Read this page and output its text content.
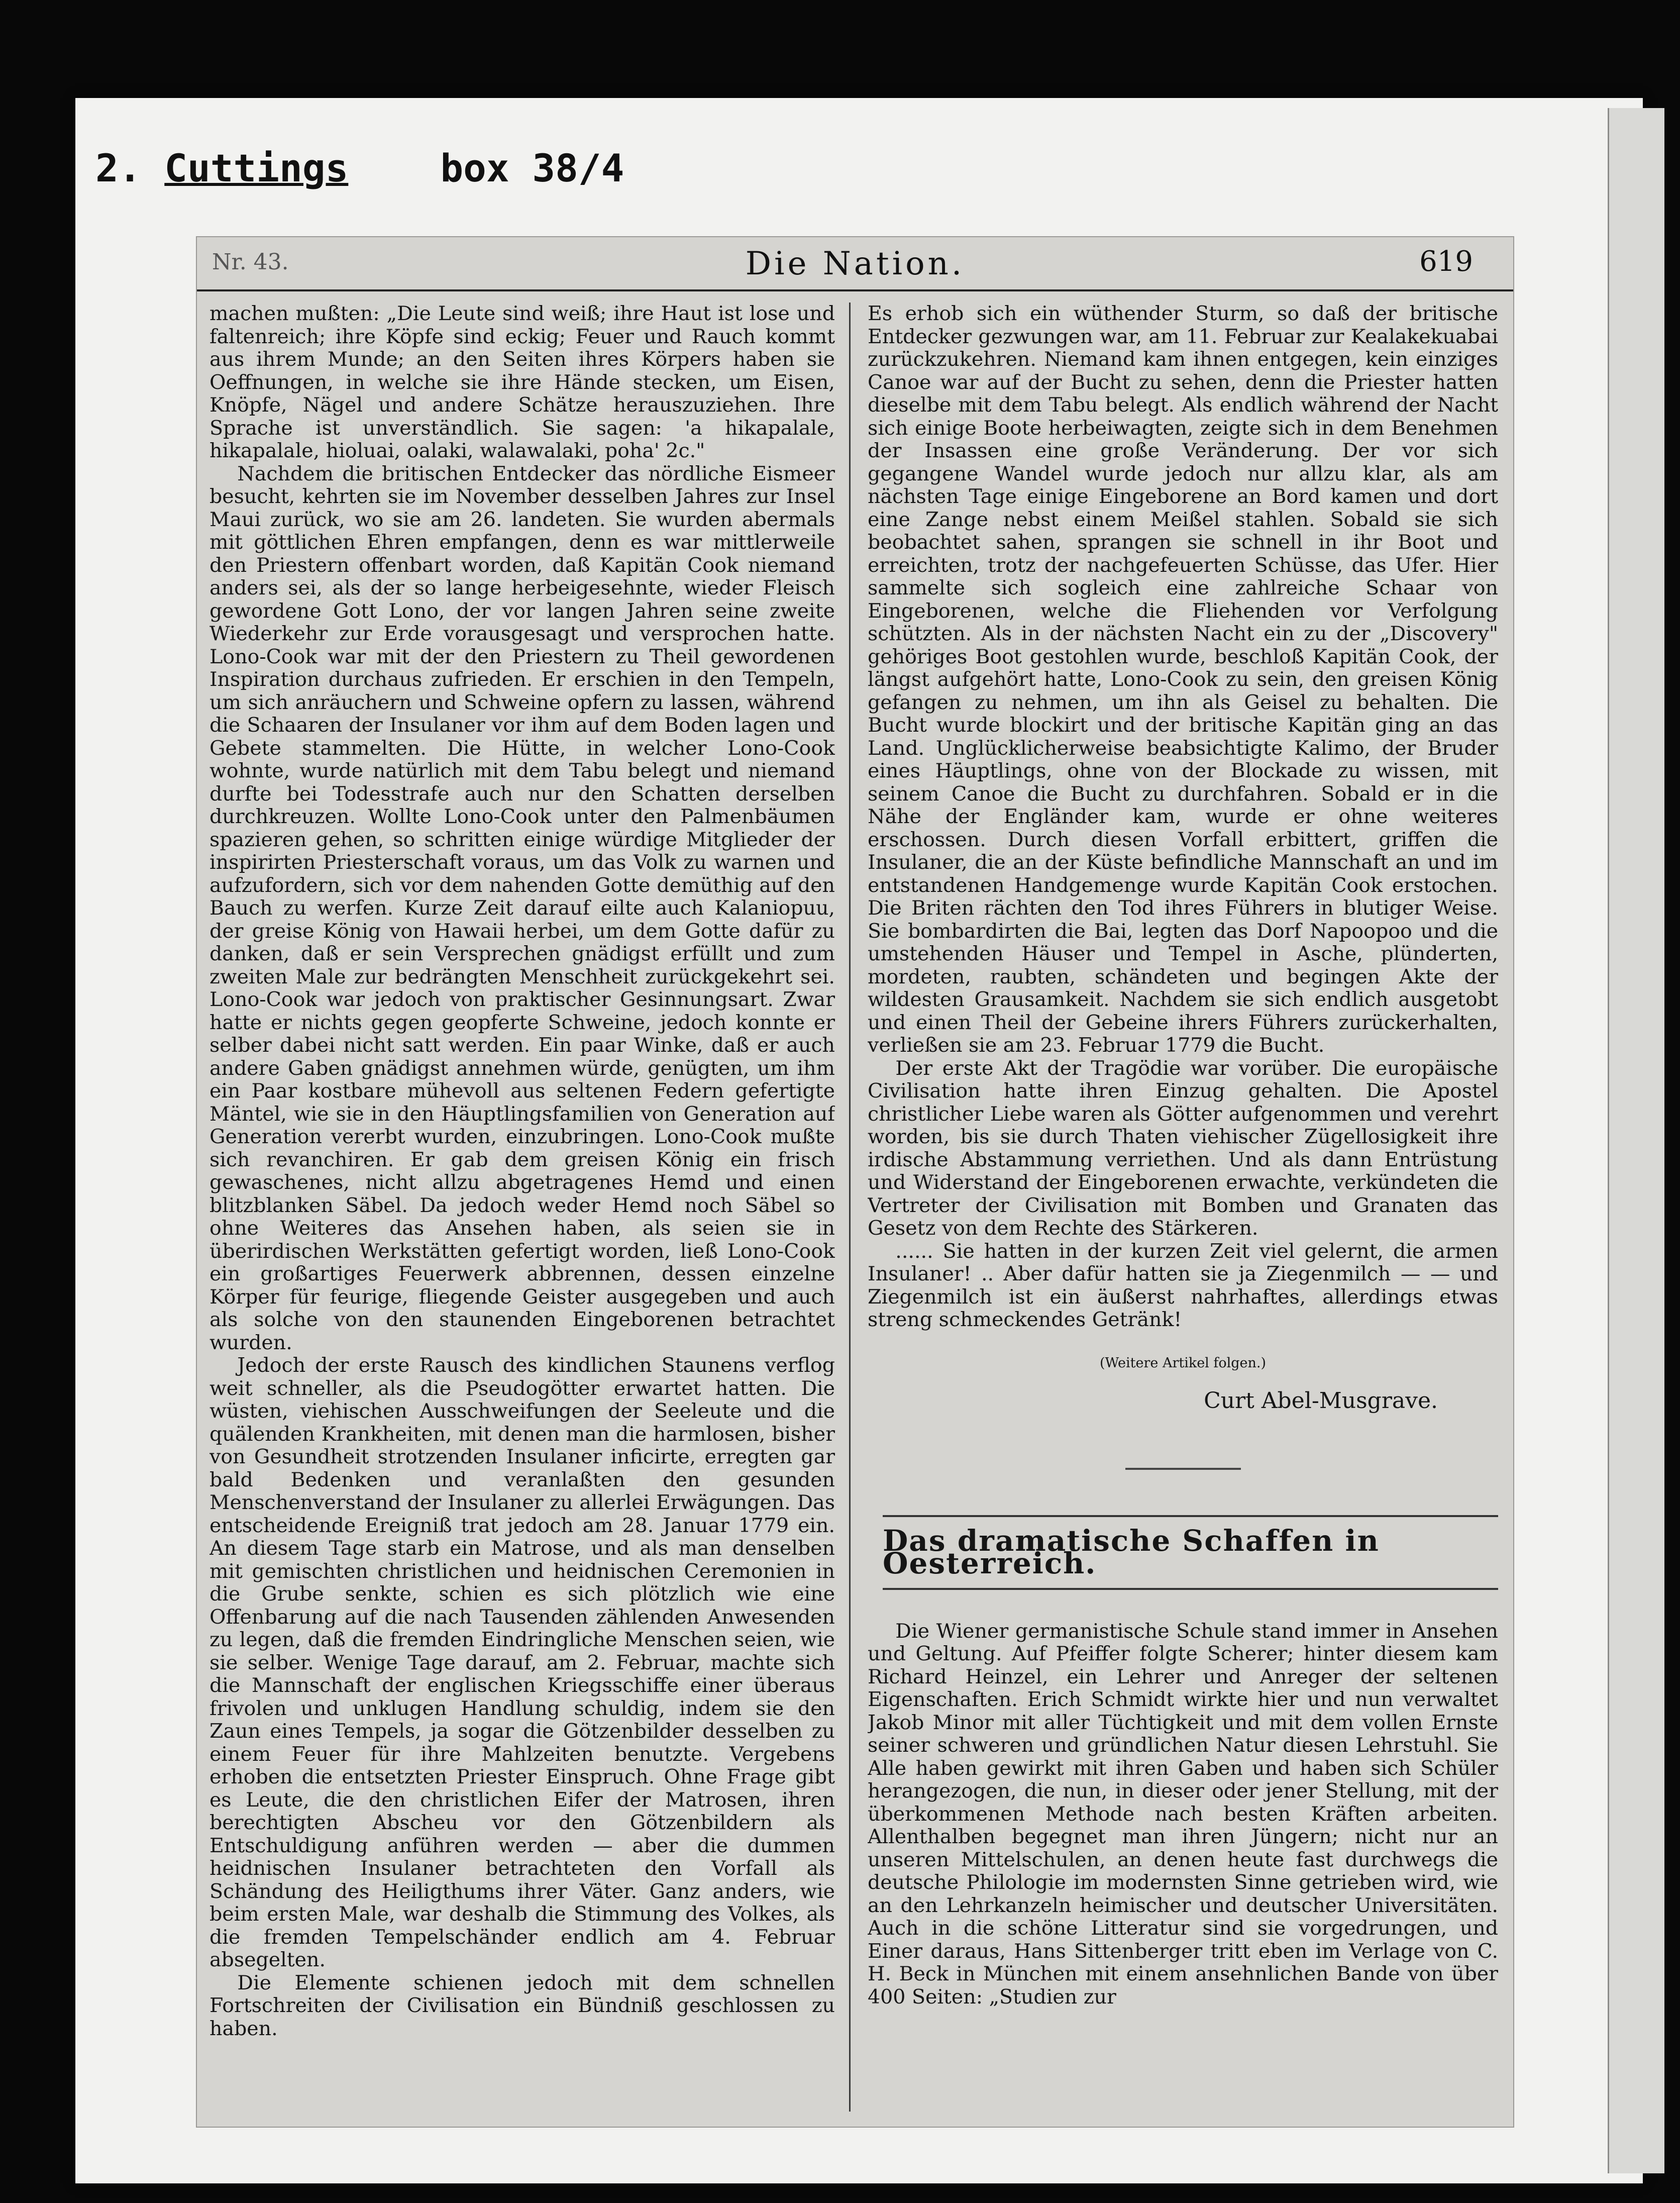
2. Cuttings box 38/4
Nr. 43.	Die Nation.	619

machen mußten: „Die Leute sind weiß; ihre Haut ist lose und faltenreich; ihre Köpfe sind eckig; Feuer und Rauch kommt aus ihrem Munde; an den Seiten ihres Körpers haben sie Oeffnungen, in welche sie ihre Hände stecken, um Eisen, Knöpfe, Nägel und andere Schätze herauszuziehen. Ihre Sprache ist unverständlich. Sie sagen: 'a hikapalale, hikapalale, hioluai, oalaki, walawalaki, poha' 2c."

Nachdem die britischen Entdecker das nördliche Eismeer besucht, kehrten sie im November desselben Jahres zur Insel Maui zurück, wo sie am 26. landeten. Sie wurden abermals mit göttlichen Ehren empfangen, denn es war mittlerweile den Priestern offenbart worden, daß Kapitän Cook niemand anders sei, als der so lange herbeigesehnte, wieder Fleisch gewordene Gott Lono, der vor langen Jahren seine zweite Wiederkehr zur Erde vorausgesagt und versprochen hatte. Lono-Cook war mit der den Priestern zu Theil gewordenen Inspiration durchaus zufrieden. Er erschien in den Tempeln, um sich anräuchern und Schweine opfern zu lassen, während die Schaaren der Insulaner vor ihm auf dem Boden lagen und Gebete stammelten. Die Hütte, in welcher Lono-Cook wohnte, wurde natürlich mit dem Tabu belegt und niemand durfte bei Todesstrafe auch nur den Schatten derselben durchkreuzen. Wollte Lono-Cook unter den Palmenbäumen spazieren gehen, so schritten einige würdige Mitglieder der inspirirten Priesterschaft voraus, um das Volk zu warnen und aufzufordern, sich vor dem nahenden Gotte demüthig auf den Bauch zu werfen. Kurze Zeit darauf eilte auch Kalaniopuu, der greise König von Hawaii herbei, um dem Gotte dafür zu danken, daß er sein Versprechen gnädigst erfüllt und zum zweiten Male zur bedrängten Menschheit zurückgekehrt sei. Lono-Cook war jedoch von praktischer Gesinnungsart. Zwar hatte er nichts gegen geopferte Schweine, jedoch konnte er selber dabei nicht satt werden. Ein paar Winke, daß er auch andere Gaben gnädigst annehmen würde, genügten, um ihm ein Paar kostbare mühevoll aus seltenen Federn gefertigte Mäntel, wie sie in den Häuptlingsfamilien von Generation auf Generation vererbt wurden, einzubringen. Lono-Cook mußte sich revanchiren. Er gab dem greisen König ein frisch gewaschenes, nicht allzu abgetragenes Hemd und einen blitzblanken Säbel. Da jedoch weder Hemd noch Säbel so ohne Weiteres das Ansehen haben, als seien sie in überirdischen Werkstätten gefertigt worden, ließ Lono-Cook ein großartiges Feuerwerk abbrennen, dessen einzelne Körper für feurige, fliegende Geister ausgegeben und auch als solche von den staunenden Eingeborenen betrachtet wurden.

Jedoch der erste Rausch des kindlichen Staunens verflog weit schneller, als die Pseudogötter erwartet hatten. Die wüsten, viehischen Ausschweifungen der Seeleute und die quälenden Krankheiten, mit denen man die harmlosen, bisher von Gesundheit strotzenden Insulaner inficirte, erregten gar bald Bedenken und veranlaßten den gesunden Menschenverstand der Insulaner zu allerlei Erwägungen. Das entscheidende Ereigniß trat jedoch am 28. Januar 1779 ein. An diesem Tage starb ein Matrose, und als man denselben mit gemischten christlichen und heidnischen Ceremonien in die Grube senkte, schien es sich plötzlich wie eine Offenbarung auf die nach Tausenden zählenden Anwesenden zu legen, daß die fremden Eindringliche Menschen seien, wie sie selber. Wenige Tage darauf, am 2. Februar, machte sich die Mannschaft der englischen Kriegsschiffe einer überaus frivolen und unklugen Handlung schuldig, indem sie den Zaun eines Tempels, ja sogar die Götzenbilder desselben zu einem Feuer für ihre Mahlzeiten benutzte. Vergebens erhoben die entsetzten Priester Einspruch. Ohne Frage gibt es Leute, die den christlichen Eifer der Matrosen, ihren berechtigten Abscheu vor den Götzenbildern als Entschuldigung anführen werden — aber die dummen heidnischen Insulaner betrachteten den Vorfall als Schändung des Heiligthums ihrer Väter. Ganz anders, wie beim ersten Male, war deshalb die Stimmung des Volkes, als die fremden Tempelschänder endlich am 4. Februar absegelten.

Die Elemente schienen jedoch mit dem schnellen Fortschreiten der Civilisation ein Bündniß geschlossen zu haben.

Es erhob sich ein wüthender Sturm, so daß der britische Entdecker gezwungen war, am 11. Februar zur Kealakekuabai zurückzukehren. Niemand kam ihnen entgegen, kein einziges Canoe war auf der Bucht zu sehen, denn die Priester hatten dieselbe mit dem Tabu belegt. Als endlich während der Nacht sich einige Boote herbeiwagten, zeigte sich in dem Benehmen der Insassen eine große Veränderung. Der vor sich gegangene Wandel wurde jedoch nur allzu klar, als am nächsten Tage einige Eingeborene an Bord kamen und dort eine Zange nebst einem Meißel stahlen. Sobald sie sich beobachtet sahen, sprangen sie schnell in ihr Boot und erreichten, trotz der nachgefeuerten Schüsse, das Ufer. Hier sammelte sich sogleich eine zahlreiche Schaar von Eingeborenen, welche die Fliehenden vor Verfolgung schützten. Als in der nächsten Nacht ein zu der „Discovery" gehöriges Boot gestohlen wurde, beschloß Kapitän Cook, der längst aufgehört hatte, Lono-Cook zu sein, den greisen König gefangen zu nehmen, um ihn als Geisel zu behalten. Die Bucht wurde blockirt und der britische Kapitän ging an das Land. Unglücklicherweise beabsichtigte Kalimo, der Bruder eines Häuptlings, ohne von der Blockade zu wissen, mit seinem Canoe die Bucht zu durchfahren. Sobald er in die Nähe der Engländer kam, wurde er ohne weiteres erschossen. Durch diesen Vorfall erbittert, griffen die Insulaner, die an der Küste befindliche Mannschaft an und im entstandenen Handgemenge wurde Kapitän Cook erstochen. Die Briten rächten den Tod ihres Führers in blutiger Weise. Sie bombardirten die Bai, legten das Dorf Napoopoo und die umstehenden Häuser und Tempel in Asche, plünderten, mordeten, raubten, schändeten und begingen Akte der wildesten Grausamkeit. Nachdem sie sich endlich ausgetobt und einen Theil der Gebeine ihrers Führers zurückerhalten, verließen sie am 23. Februar 1779 die Bucht.

Der erste Akt der Tragödie war vorüber. Die europäische Civilisation hatte ihren Einzug gehalten. Die Apostel christlicher Liebe waren als Götter aufgenommen und verehrt worden, bis sie durch Thaten viehischer Zügellosigkeit ihre irdische Abstammung verriethen. Und als dann Entrüstung und Widerstand der Eingeborenen erwachte, verkündeten die Vertreter der Civilisation mit Bomben und Granaten das Gesetz von dem Rechte des Stärkeren.

...... Sie hatten in der kurzen Zeit viel gelernt, die armen Insulaner! .. Aber dafür hatten sie ja Ziegenmilch — — und Ziegenmilch ist ein äußerst nahrhaftes, allerdings etwas streng schmeckendes Getränk!

(Weitere Artikel folgen.)

Curt Abel-Musgrave.

Das dramatische Schaffen in Oesterreich.

Die Wiener germanistische Schule stand immer in Ansehen und Geltung. Auf Pfeiffer folgte Scherer; hinter diesem kam Richard Heinzel, ein Lehrer und Anreger der seltenen Eigenschaften. Erich Schmidt wirkte hier und nun verwaltet Jakob Minor mit aller Tüchtigkeit und mit dem vollen Ernste seiner schweren und gründlichen Natur diesen Lehrstuhl. Sie Alle haben gewirkt mit ihren Gaben und haben sich Schüler herangezogen, die nun, in dieser oder jener Stellung, mit der überkommenen Methode nach besten Kräften arbeiten. Allenthalben begegnet man ihren Jüngern; nicht nur an unseren Mittelschulen, an denen heute fast durchwegs die deutsche Philologie im modernsten Sinne getrieben wird, wie an den Lehrkanzeln heimischer und deutscher Universitäten. Auch in die schöne Litteratur sind sie vorgedrungen, und Einer daraus, Hans Sittenberger tritt eben im Verlage von C. H. Beck in München mit einem ansehnlichen Bande von über 400 Seiten: „Studien zur
